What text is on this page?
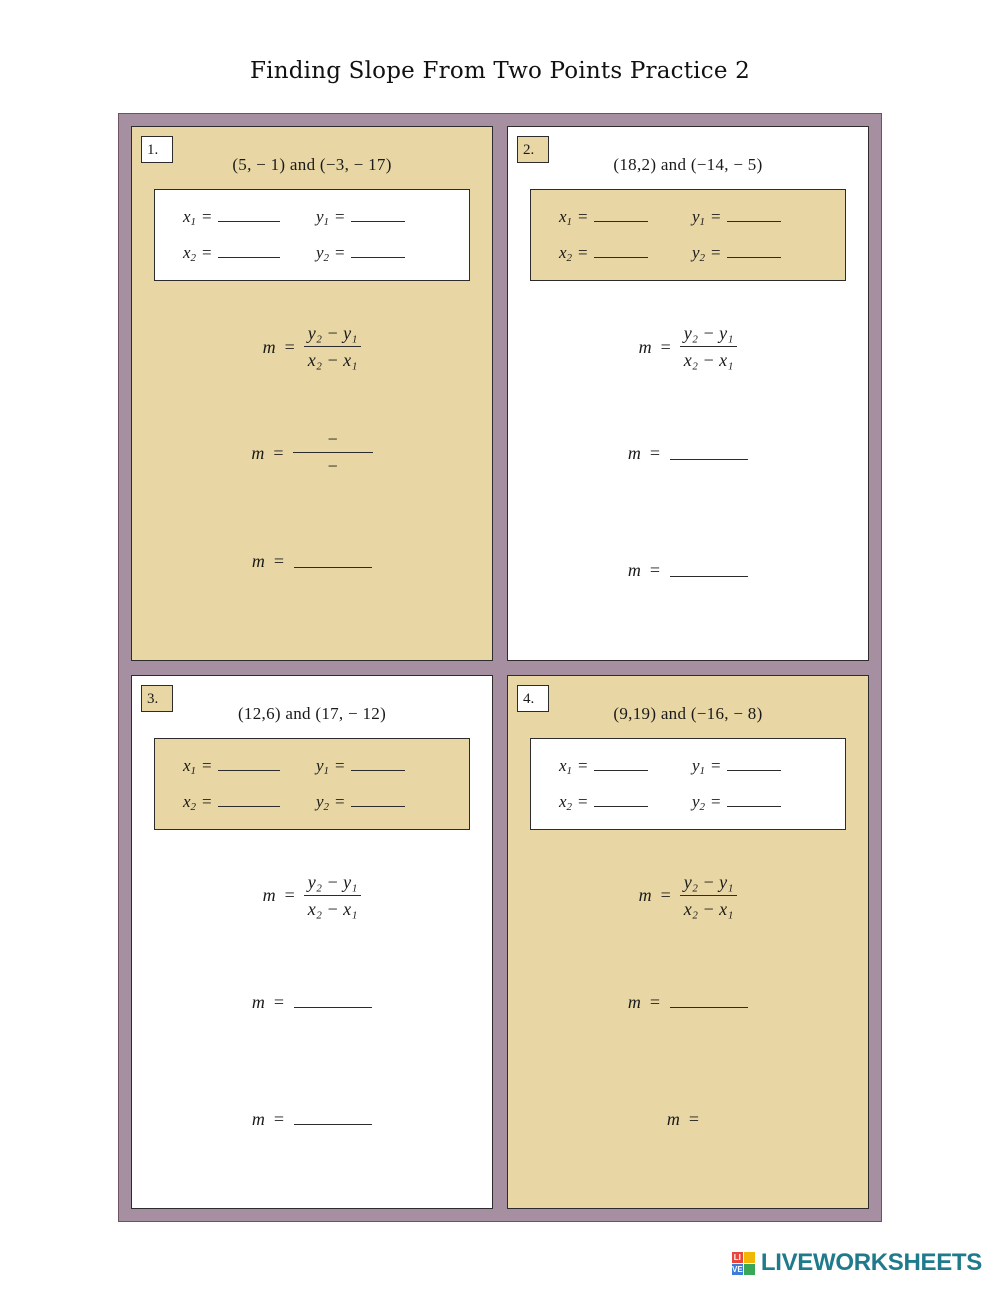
Finding Slope From Two Points Practice 2
1.
(5, − 1) and (−3, − 17)
$x_1$ =	$y_1$ =
$x_2$ =	$y_2$ =
$m = \frac{\text{y₂ − y₁}}{\text{x₂ − x₁}}$
$m = \frac{-}{-}$
m =
2.
(18,2) and (−14, − 5)
$x_1$ =	$y_1$ =
$x_2$ =	$y_2$ =
$m = \frac{\text{y₂ − y₁}}{\text{x₂ − x₁}}$
m =
m =
3.
(12,6) and (17, − 12)
$x_1$ =	$y_1$ =
$x_2$ =	$y_2$ =
$m = \frac{\text{y₂ − y₁}}{\text{x₂ − x₁}}$
m =
m =
4.
(9,19) and (−16, − 8)
$x_1$ =	$y_1$ =
$x_2$ =	$y_2$ =
$m = \frac{\text{y₂ − y₁}}{\text{x₂ − x₁}}$
m =
m =
LI
VE LIVEWORKSHEETS
